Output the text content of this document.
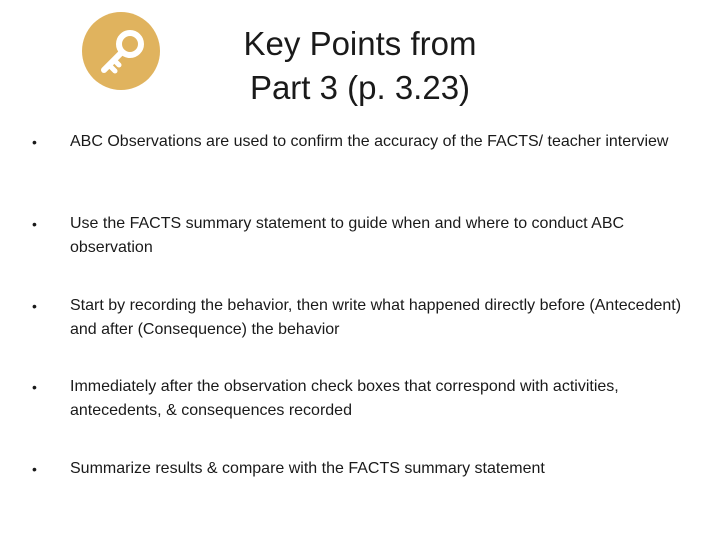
Key Points from
Part 3 (p. 3.23)
•	ABC Observations are used to confirm the accuracy of the FACTS/ teacher interview
•	Use the FACTS summary statement to guide when and where to conduct ABC observation
•	Start by recording the behavior, then write what happened directly before (Antecedent) and after (Consequence) the behavior
•	Immediately after the observation check boxes that correspond with activities, antecedents, & consequences recorded
•	Summarize results & compare with the FACTS summary statement
